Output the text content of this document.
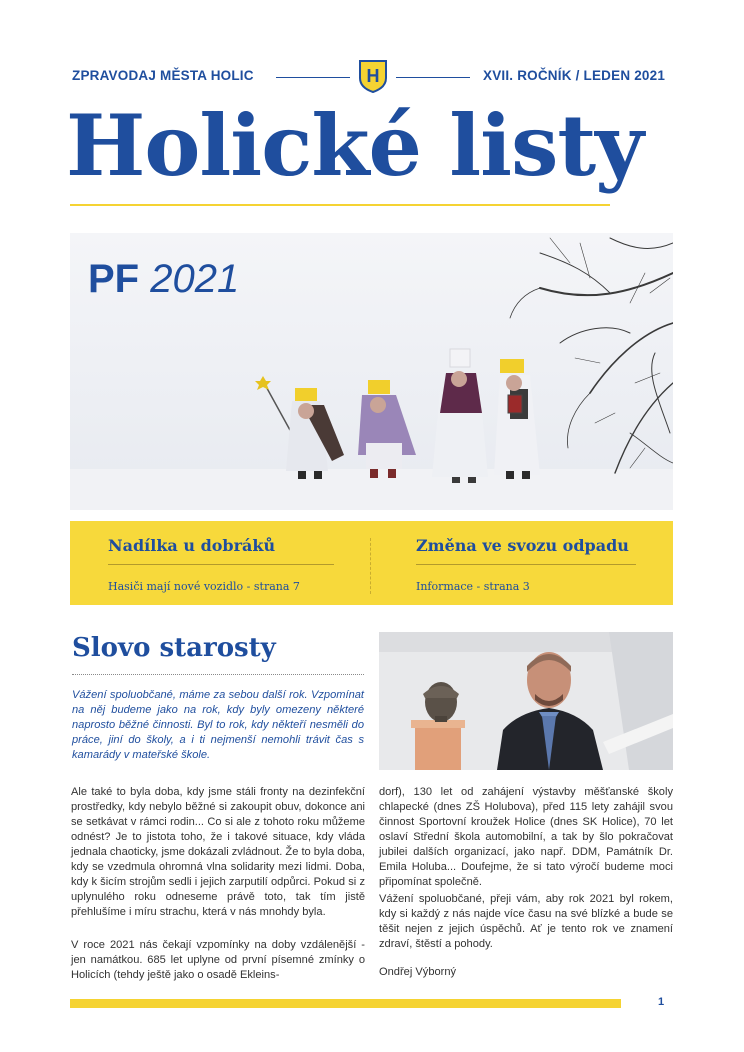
ZPRAVODAJ MĚSTA HOLIC	H	XVII. ROČNÍK / LEDEN 2021
Holické listy
PF 2021
Nadílka u dobráků
Hasiči mají nové vozidlo - strana 7
Změna ve svozu odpadu
Informace - strana 3
Slovo starosty

Vážení spoluobčané, máme za sebou další rok. Vzpomínat na něj budeme jako na rok, kdy byly omezeny některé naprosto běžné činnosti. Byl to rok, kdy někteří nesměli do práce, jiní do školy, a i ti nejmenší nemohli trávit čas s kamarády v mateřské škole.

Ale také to byla doba, kdy jsme stáli fronty na dezinfekční prostředky, kdy nebylo běžné si zakoupit obuv, dokonce ani se setkávat v rámci rodin... Co si ale z tohoto roku můžeme odnést? Je to jistota toho, že i takové situace, kdy vláda jednala chaoticky, jsme dokázali zvládnout. Že to byla doba, kdy se vzedmula ohromná vlna solidarity mezi lidmi. Doba, kdy k šicím strojům sedli i jejich zarputilí odpůrci. Pokud si z uplynulého roku odneseme právě toto, tak tím jistě přehlušíme i míru strachu, která v nás mnohdy byla.

V roce 2021 nás čekají vzpomínky na doby vzdálenější - jen namátkou. 685 let uplyne od první písemné zmínky o Holicích (tehdy ještě jako o osadě Ekleins-

dorf), 130 let od zahájení výstavby měšťanské školy chlapecké (dnes ZŠ Holubova), před 115 lety zahájil svou činnost Sportovní kroužek Holice (dnes SK Holice), 70 let oslaví Střední škola automobilní, a tak by šlo pokračovat jubilei dalších organizací, jako např. DDM, Památník Dr. Emila Holuba... Doufejme, že si tato výročí budeme moci připomínat společně.

Vážení spoluobčané, přeji vám, aby rok 2021 byl rokem, kdy si každý z nás najde více času na své blízké a bude se těšit nejen z jejich úspěchů. Ať je tento rok ve znamení zdraví, štěstí a pohody.

Ondřej Výborný
1
